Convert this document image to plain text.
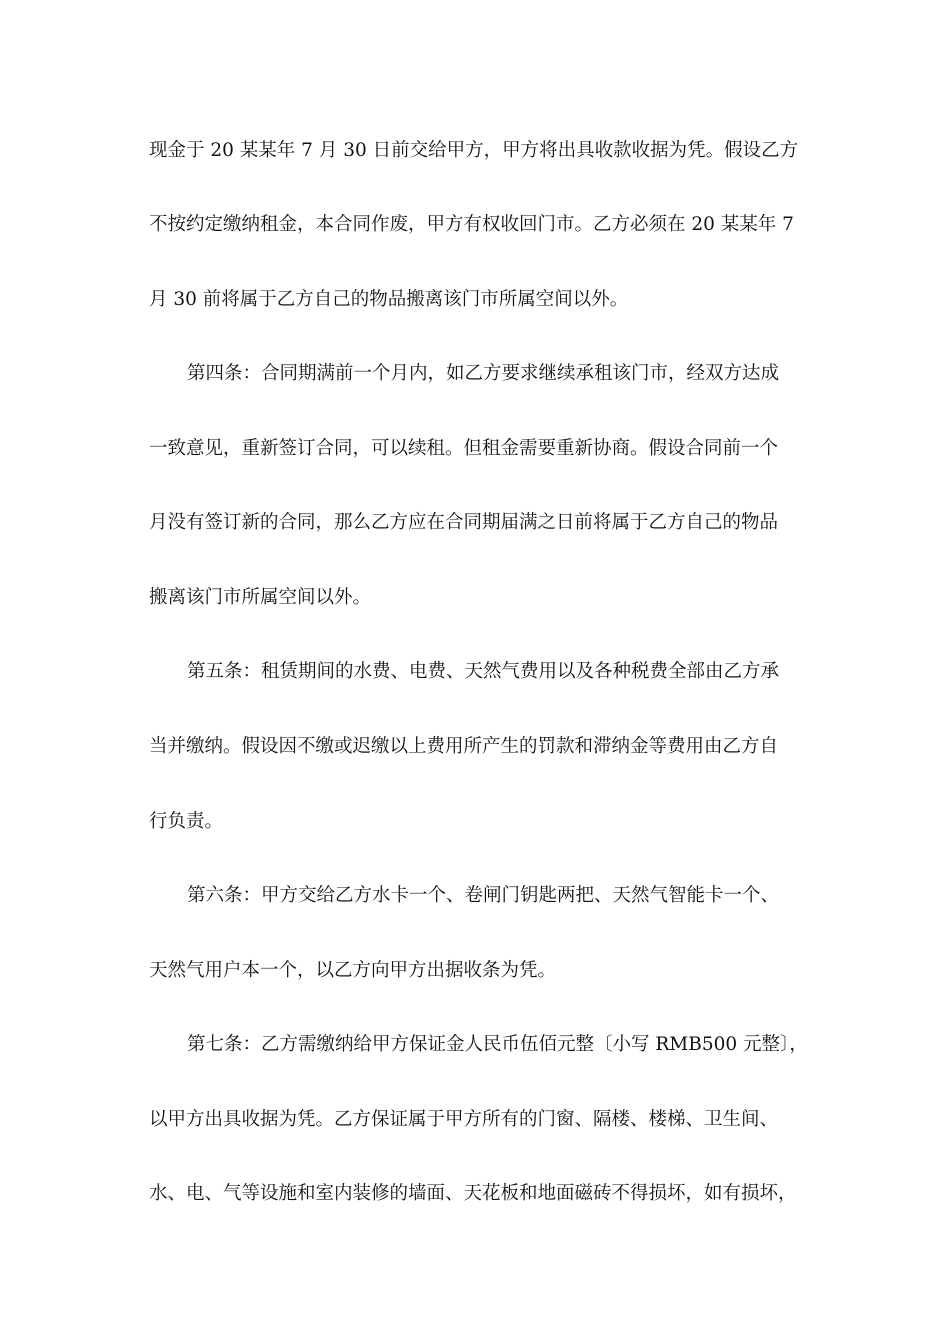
现金于 20 某某年 7 月 30 日前交给甲方，甲方将出具收款收据为凭。假设乙方
不按约定缴纳租金，本合同作废，甲方有权收回门市。乙方必须在 20 某某年 7
月 30 前将属于乙方自己的物品搬离该门市所属空间以外。
第四条：合同期满前一个月内，如乙方要求继续承租该门市，经双方达成
一致意见，重新签订合同，可以续租。但租金需要重新协商。假设合同前一个
月没有签订新的合同，那么乙方应在合同期届满之日前将属于乙方自己的物品
搬离该门市所属空间以外。
第五条：租赁期间的水费、电费、天然气费用以及各种税费全部由乙方承
当并缴纳。假设因不缴或迟缴以上费用所产生的罚款和滞纳金等费用由乙方自
行负责。
第六条：甲方交给乙方水卡一个、卷闸门钥匙两把、天然气智能卡一个、
天然气用户本一个，以乙方向甲方出据收条为凭。
第七条：乙方需缴纳给甲方保证金人民币伍佰元整〔小写 RMB500 元整〕，
以甲方出具收据为凭。乙方保证属于甲方所有的门窗、隔楼、楼梯、卫生间、
水、电、气等设施和室内装修的墙面、天花板和地面磁砖不得损坏，如有损坏，
